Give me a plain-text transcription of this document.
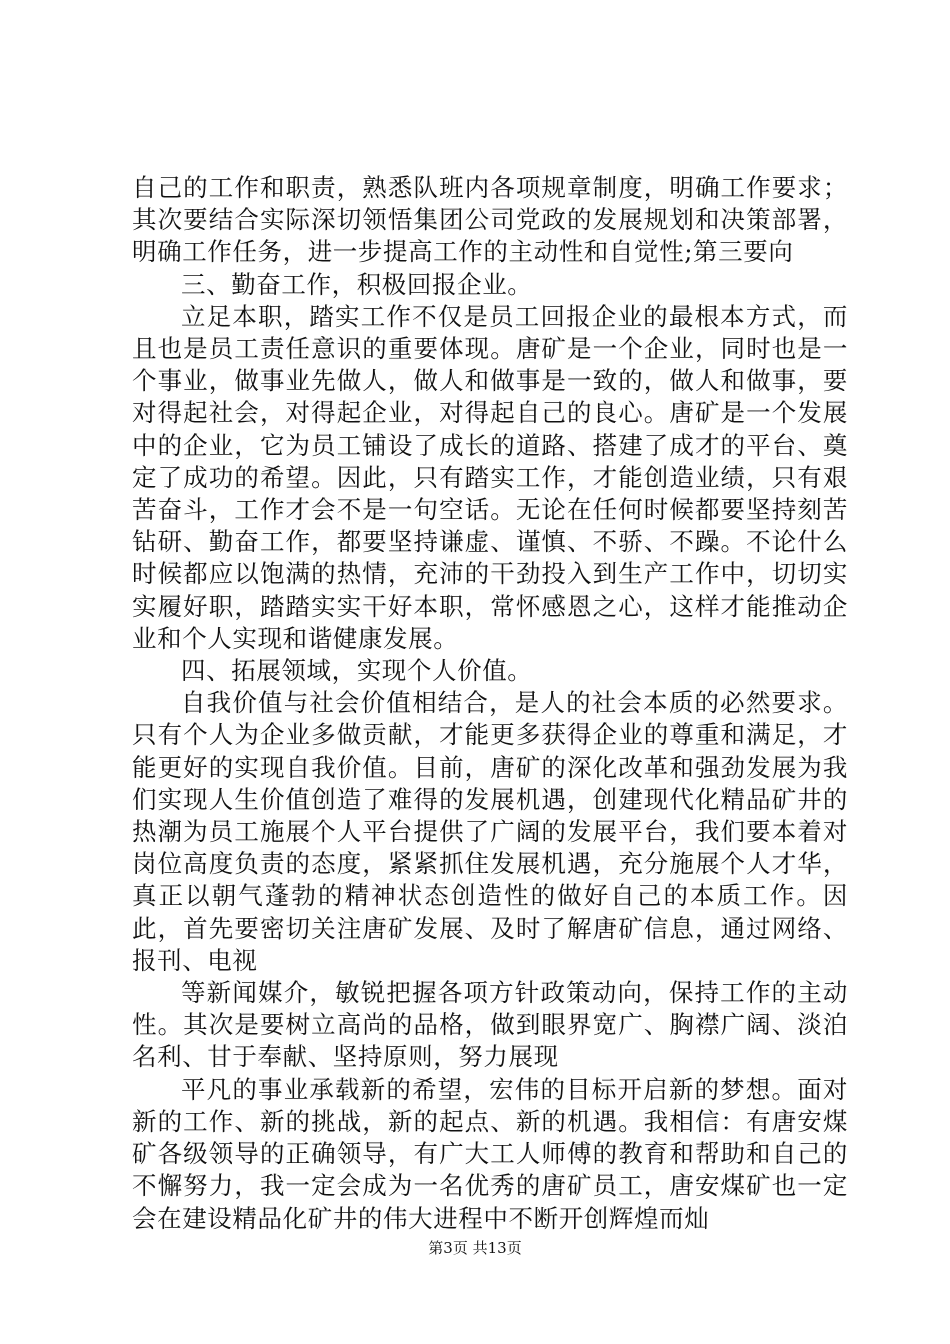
自己的工作和职责，熟悉队班内各项规章制度，明确工作要求；其次要结合实际深切领悟集团公司党政的发展规划和决策部署，明确工作任务，进一步提高工作的主动性和自觉性;第三要向

三、勤奋工作，积极回报企业。

立足本职，踏实工作不仅是员工回报企业的最根本方式，而且也是员工责任意识的重要体现。唐矿是一个企业，同时也是一个事业，做事业先做人，做人和做事是一致的，做人和做事，要对得起社会，对得起企业，对得起自己的良心。唐矿是一个发展中的企业，它为员工铺设了成长的道路、搭建了成才的平台、奠定了成功的希望。因此，只有踏实工作，才能创造业绩，只有艰苦奋斗，工作才会不是一句空话。无论在任何时候都要坚持刻苦钻研、勤奋工作，都要坚持谦虚、谨慎、不骄、不躁。不论什么时候都应以饱满的热情，充沛的干劲投入到生产工作中，切切实实履好职，踏踏实实干好本职，常怀感恩之心，这样才能推动企业和个人实现和谐健康发展。

四、拓展领域，实现个人价值。

自我价值与社会价值相结合，是人的社会本质的必然要求。只有个人为企业多做贡献，才能更多获得企业的尊重和满足，才能更好的实现自我价值。目前，唐矿的深化改革和强劲发展为我们实现人生价值创造了难得的发展机遇，创建现代化精品矿井的热潮为员工施展个人平台提供了广阔的发展平台，我们要本着对岗位高度负责的态度，紧紧抓住发展机遇，充分施展个人才华，真正以朝气蓬勃的精神状态创造性的做好自己的本质工作。因此，首先要密切关注唐矿发展、及时了解唐矿信息，通过网络、报刊、电视

等新闻媒介，敏锐把握各项方针政策动向，保持工作的主动性。其次是要树立高尚的品格，做到眼界宽广、胸襟广阔、淡泊名利、甘于奉献、坚持原则，努力展现

平凡的事业承载新的希望，宏伟的目标开启新的梦想。面对新的工作、新的挑战，新的起点、新的机遇。我相信：有唐安煤矿各级领导的正确领导，有广大工人师傅的教育和帮助和自己的不懈努力，我一定会成为一名优秀的唐矿员工，唐安煤矿也一定会在建设精品化矿井的伟大进程中不断开创辉煌而灿

第3页 共13页
